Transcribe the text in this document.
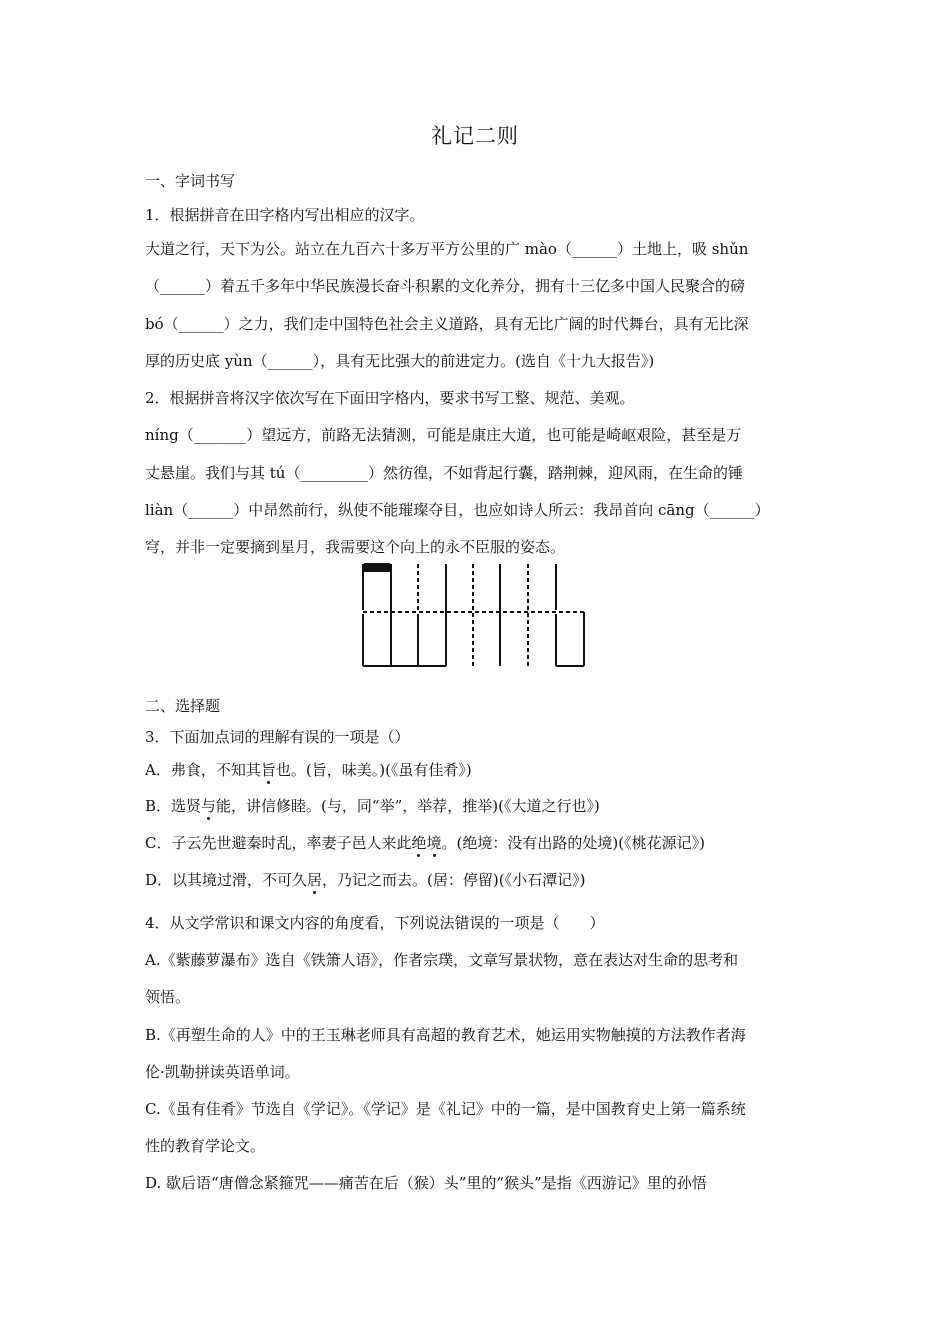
礼记二则
一、字词书写
1．根据拼音在田字格内写出相应的汉字。
大道之行，天下为公。站立在九百六十多万平方公里的广 mào（______）土地上，吸 shǔn
（______）着五千多年中华民族漫长奋斗积累的文化养分，拥有十三亿多中国人民聚合的磅
bó（______）之力，我们走中国特色社会主义道路，具有无比广阔的时代舞台，具有无比深
厚的历史底 yùn（______），具有无比强大的前进定力。(选自《十九大报告》)
2．根据拼音将汉字依次写在下面田字格内，要求书写工整、规范、美观。
níng（_______）望远方，前路无法猜测，可能是康庄大道，也可能是崎岖艰险，甚至是万
丈悬崖。我们与其 tú（_________）然彷徨，不如背起行囊，踏荆棘，迎风雨，在生命的锤
liàn（______）中昂然前行，纵使不能璀璨夺目，也应如诗人所云：我昂首向 cāng（______）
穹，并非一定要摘到星月，我需要这个向上的永不臣服的姿态。
二、选择题
3．下面加点词的理解有误的一项是（）
A．弗食，不知其旨也。(旨，味美。)(《虽有佳肴》)
B．选贤与能，讲信修睦。(与，同“举”，举荐，推举)(《大道之行也》)
C．子云先世避秦时乱，率妻子邑人来此绝境。(绝境：没有出路的处境)(《桃花源记》)
D．以其境过滑，不可久居，乃记之而去。(居：停留)(《小石潭记》)
4．从文学常识和课文内容的角度看，下列说法错误的一项是（　　）
A.《紫藤萝瀑布》选自《铁箫人语》，作者宗璞，文章写景状物，意在表达对生命的思考和
领悟。
B.《再塑生命的人》中的王玉琳老师具有高超的教育艺术，她运用实物触摸的方法教作者海
伦·凯勒拼读英语单词。
C.《虽有佳肴》节选自《学记》。《学记》是《礼记》中的一篇，是中国教育史上第一篇系统
性的教育学论文。
D. 歇后语“唐僧念紧箍咒——痛苦在后（猴）头”里的“猴头”是指《西游记》里的孙悟
